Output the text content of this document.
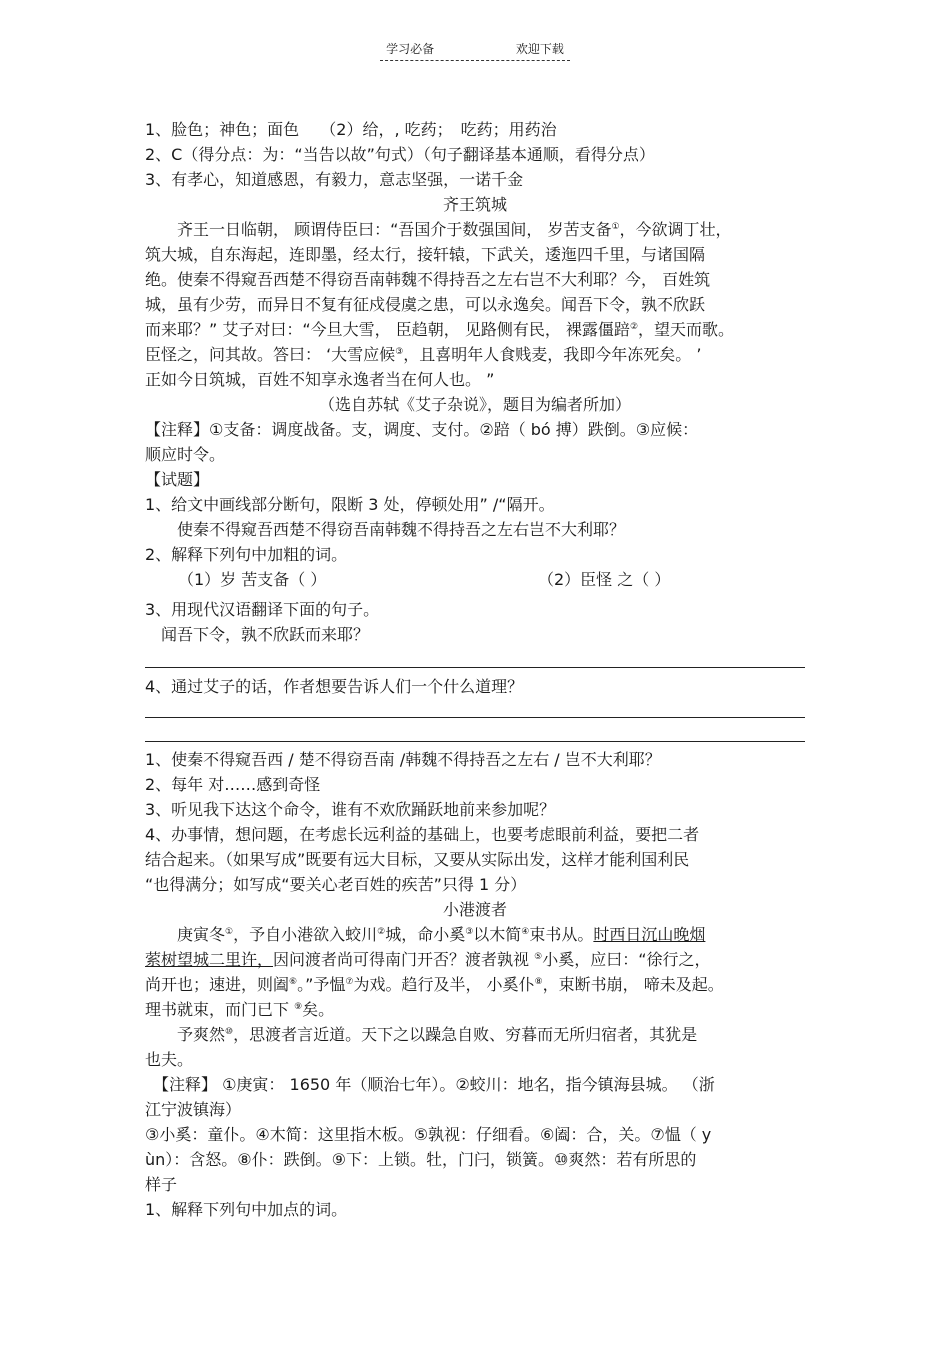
学习必备	欢迎下载
1、脸色；神色；面色　 （2）给，, 吃药；　吃药；用药治
2、C（得分点：为：“当告以故”句式）（句子翻译基本通顺，看得分点）
3、有孝心，知道感恩，有毅力，意志坚强，一诺千金
齐王筑城
　　齐王一日临朝， 顾谓侍臣曰：“吾国介于数强国间， 岁苦支备①，今欲调丁壮，
筑大城，自东海起，连即墨，经太行，接轩辕，下武关，逶迤四千里，与诸国隔
绝。使秦不得窥吾西楚不得窃吾南韩魏不得持吾之左右岂不大利耶？今， 百姓筑
城，虽有少劳，而异日不复有征戍侵虞之患，可以永逸矣。闻吾下令，孰不欣跃
而来耶？” 艾子对曰：“今旦大雪， 臣趋朝， 见路侧有民， 裸露僵踣②，望天而歌。
臣怪之，问其故。答曰： ‘大雪应候③，且喜明年人食贱麦，我即今年冻死矣。 ’
正如今日筑城，百姓不知享永逸者当在何人也。 ”
（选自苏轼《艾子杂说》，题目为编者所加）
【注释】①支备：调度战备。支，调度、支付。②踣（ bó 搏）跌倒。③应候：
顺应时令。
【试题】
1、给文中画线部分断句，限断 3 处，停顿处用” /“隔开。
　　使秦不得窥吾西楚不得窃吾南韩魏不得持吾之左右岂不大利耶？
2、解释下列句中加粗的词。
（1）岁 苦支备（ ）	（2）臣怪 之（ ）
3、用现代汉语翻译下面的句子。
　闻吾下令，孰不欣跃而来耶？
4、通过艾子的话，作者想要告诉人们一个什么道理？
1、使秦不得窥吾西 / 楚不得窃吾南 /韩魏不得持吾之左右 / 岂不大利耶？
2、每年 对……感到奇怪
3、听见我下达这个命令，谁有不欢欣踊跃地前来参加呢？
4、办事情，想问题，在考虑长远利益的基础上，也要考虑眼前利益，要把二者
结合起来。（如果写成”既要有远大目标，又要从实际出发，这样才能利国利民
“也得满分；如写成“要关心老百姓的疾苦”只得 1 分）
小港渡者
　　庚寅冬①，予自小港欲入蛟川②城，命小奚③以木简④束书从。时西日沉山晚烟
萦树望城二里许，因问渡者尚可得南门开否？渡者孰视 ⑤小奚，应曰：“徐行之，
尚开也；速进，则阖⑥。”予愠⑦为戏。趋行及半， 小奚仆⑧，束断书崩， 啼未及起。
理书就束，而门已下 ⑨矣。
　　予爽然⑩，思渡者言近道。天下之以躁急自败、穷暮而无所归宿者，其犹是
也夫。
　【注释】 ①庚寅： 1650 年（顺治七年）。②蛟川：地名，指今镇海县城。 （浙
江宁波镇海）
③小奚：童仆。④木简：这里指木板。⑤孰视：仔细看。⑥阖：合，关。⑦愠（ y
ùn）：含怒。⑧仆：跌倒。⑨下：上锁。牡，门闩，锁簧。⑩爽然：若有所思的
样子
1、解释下列句中加点的词。
